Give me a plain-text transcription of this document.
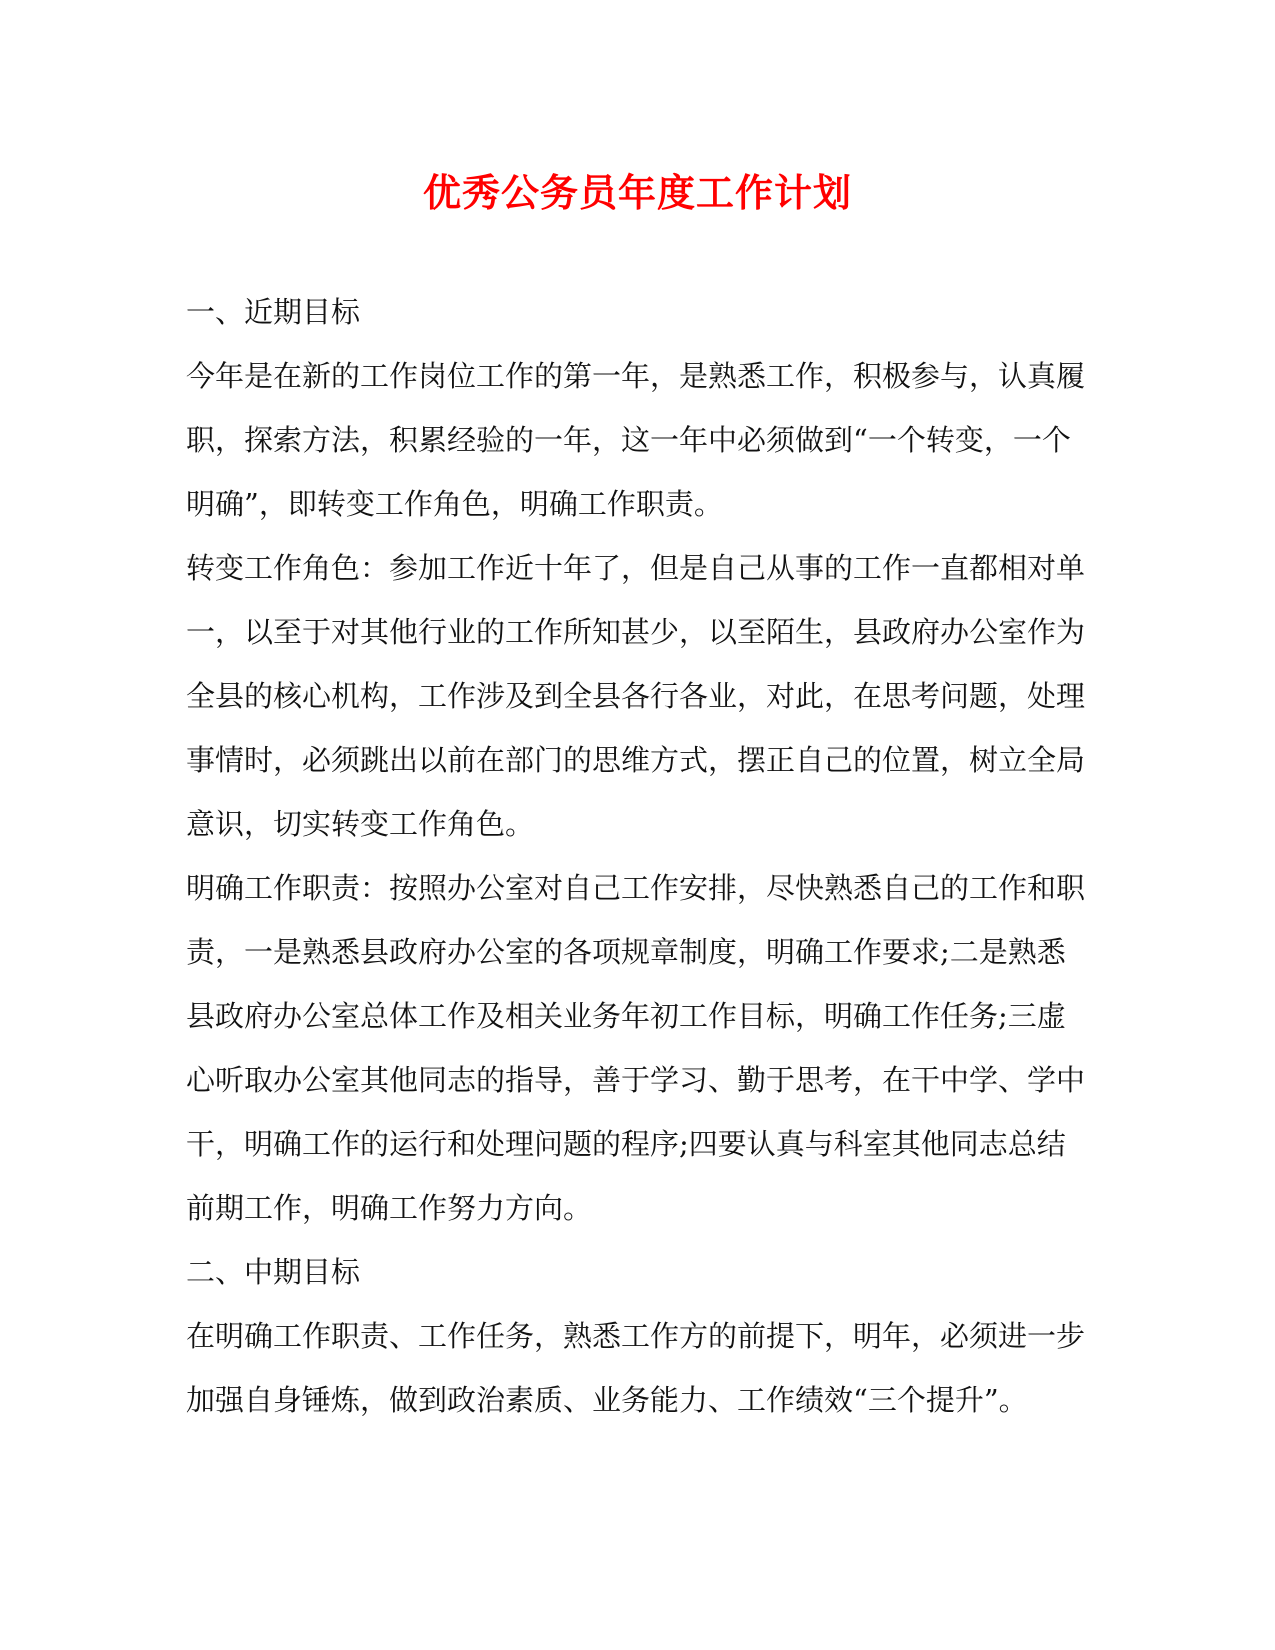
优秀公务员年度工作计划

一、近期目标

今年是在新的工作岗位工作的第一年，是熟悉工作，积极参与，认真履
职，探索方法，积累经验的一年，这一年中必须做到“一个转变，一个
明确”，即转变工作角色，明确工作职责。

转变工作角色：参加工作近十年了，但是自己从事的工作一直都相对单
一，以至于对其他行业的工作所知甚少，以至陌生，县政府办公室作为
全县的核心机构，工作涉及到全县各行各业，对此，在思考问题，处理
事情时，必须跳出以前在部门的思维方式，摆正自己的位置，树立全局
意识，切实转变工作角色。

明确工作职责：按照办公室对自己工作安排，尽快熟悉自己的工作和职
责，一是熟悉县政府办公室的各项规章制度，明确工作要求;二是熟悉
县政府办公室总体工作及相关业务年初工作目标，明确工作任务;三虚
心听取办公室其他同志的指导，善于学习、勤于思考，在干中学、学中
干，明确工作的运行和处理问题的程序;四要认真与科室其他同志总结
前期工作，明确工作努力方向。

二、中期目标

在明确工作职责、工作任务，熟悉工作方的前提下，明年，必须进一步
加强自身锤炼，做到政治素质、业务能力、工作绩效“三个提升”。
